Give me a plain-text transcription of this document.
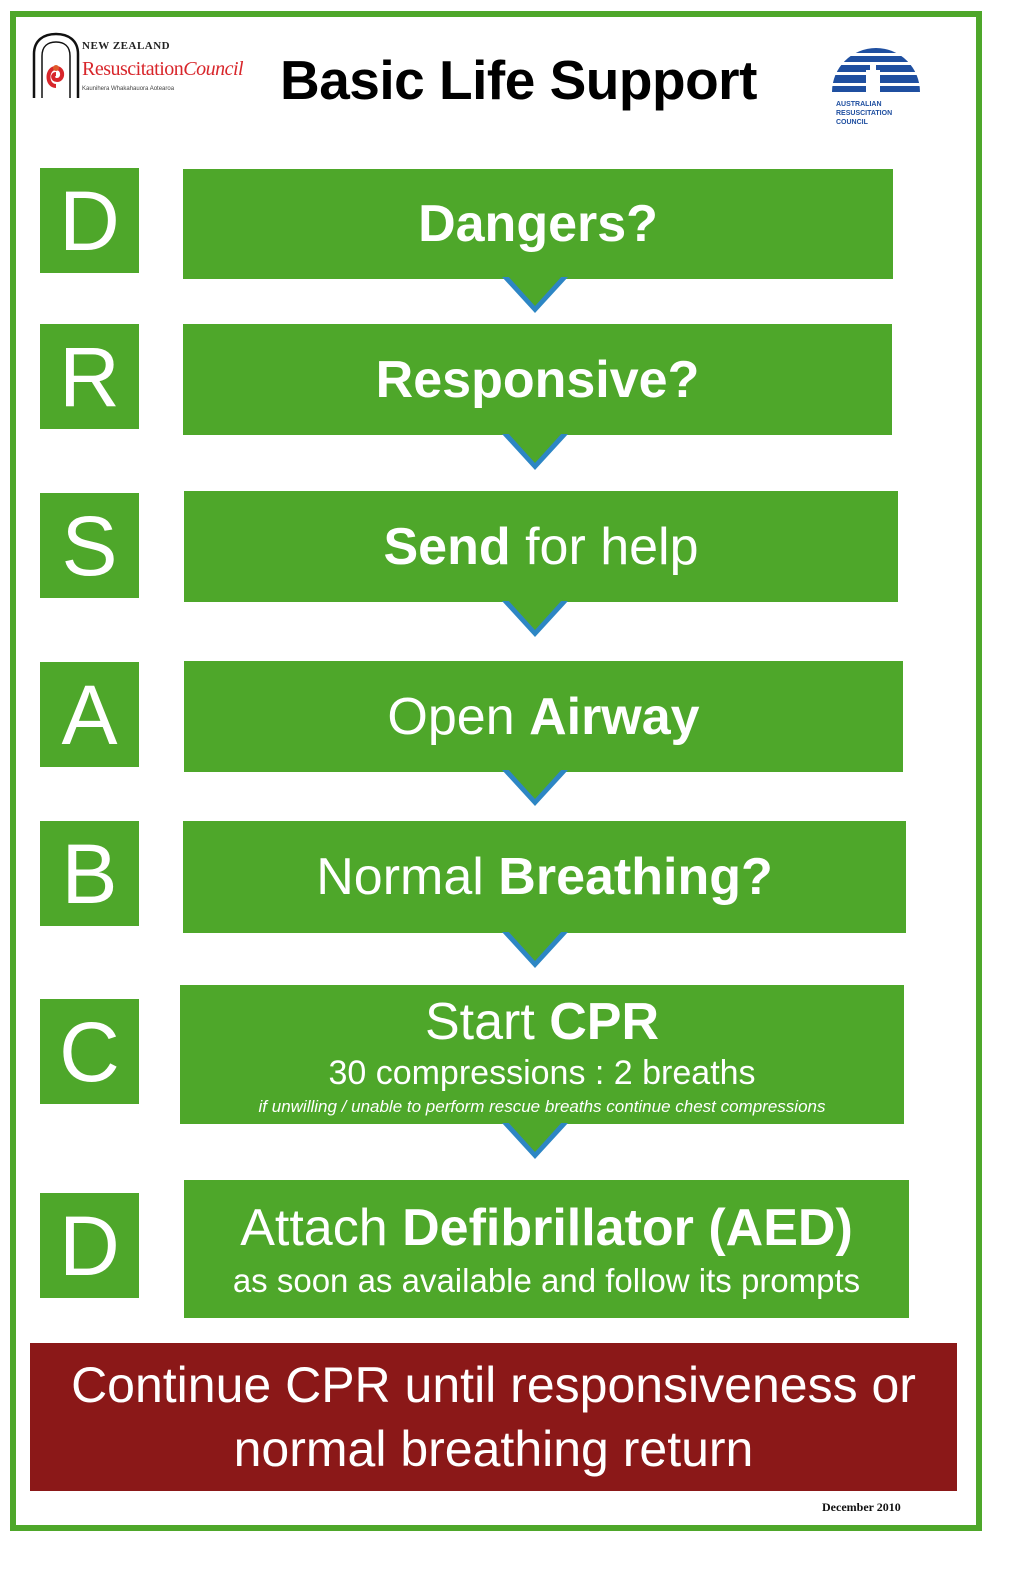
NEW ZEALAND
ResuscitationCouncil
Kaunihera Whakahauora Aotearoa Basic Life Support	AUSTRALIAN
RESUSCITATION
COUNCIL
D	Dangers?
R	Responsive?
S	Send for help
A	Open Airway
B	Normal Breathing?
C	Start CPR
30 compressions : 2 breaths
if unwilling / unable to perform rescue breaths continue chest compressions
D	Attach Defibrillator (AED)
as soon as available and follow its prompts
Continue CPR until responsiveness or
normal breathing return
December 2010
